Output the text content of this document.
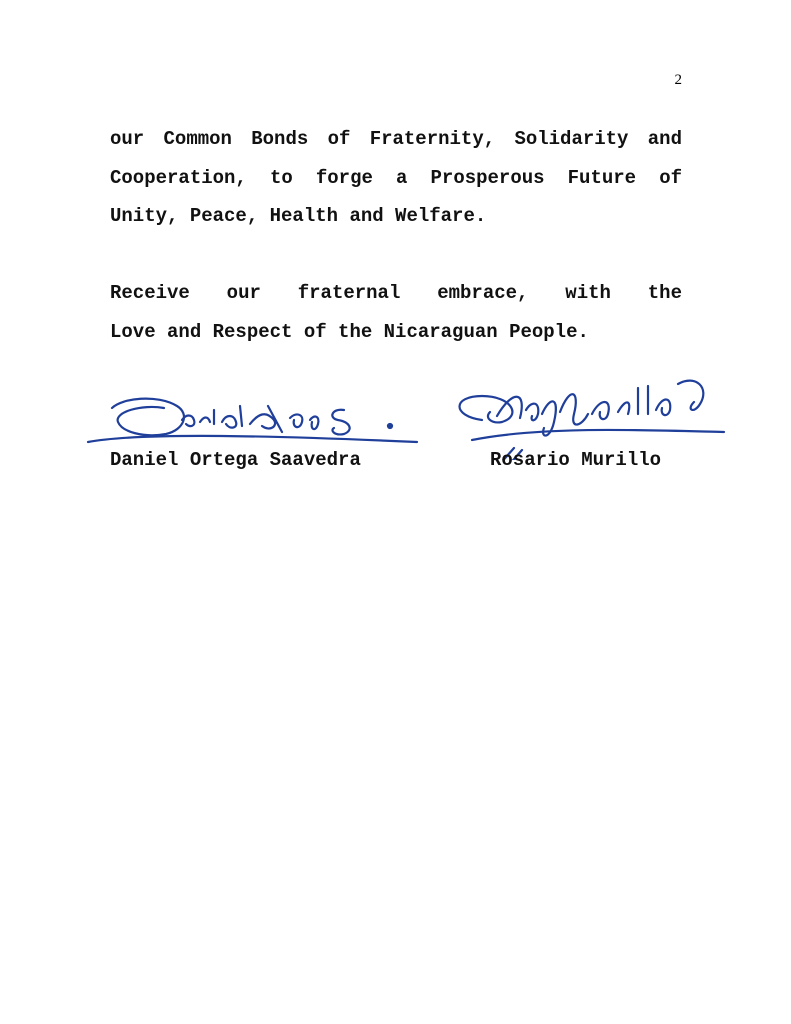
2
our Common Bonds of Fraternity, Solidarity and
Cooperation, to forge a Prosperous Future of
Unity, Peace, Health and Welfare.
Receive our fraternal embrace, with the
Love and Respect of the Nicaraguan People.
Daniel Ortega Saavedra	Rosario Murillo
